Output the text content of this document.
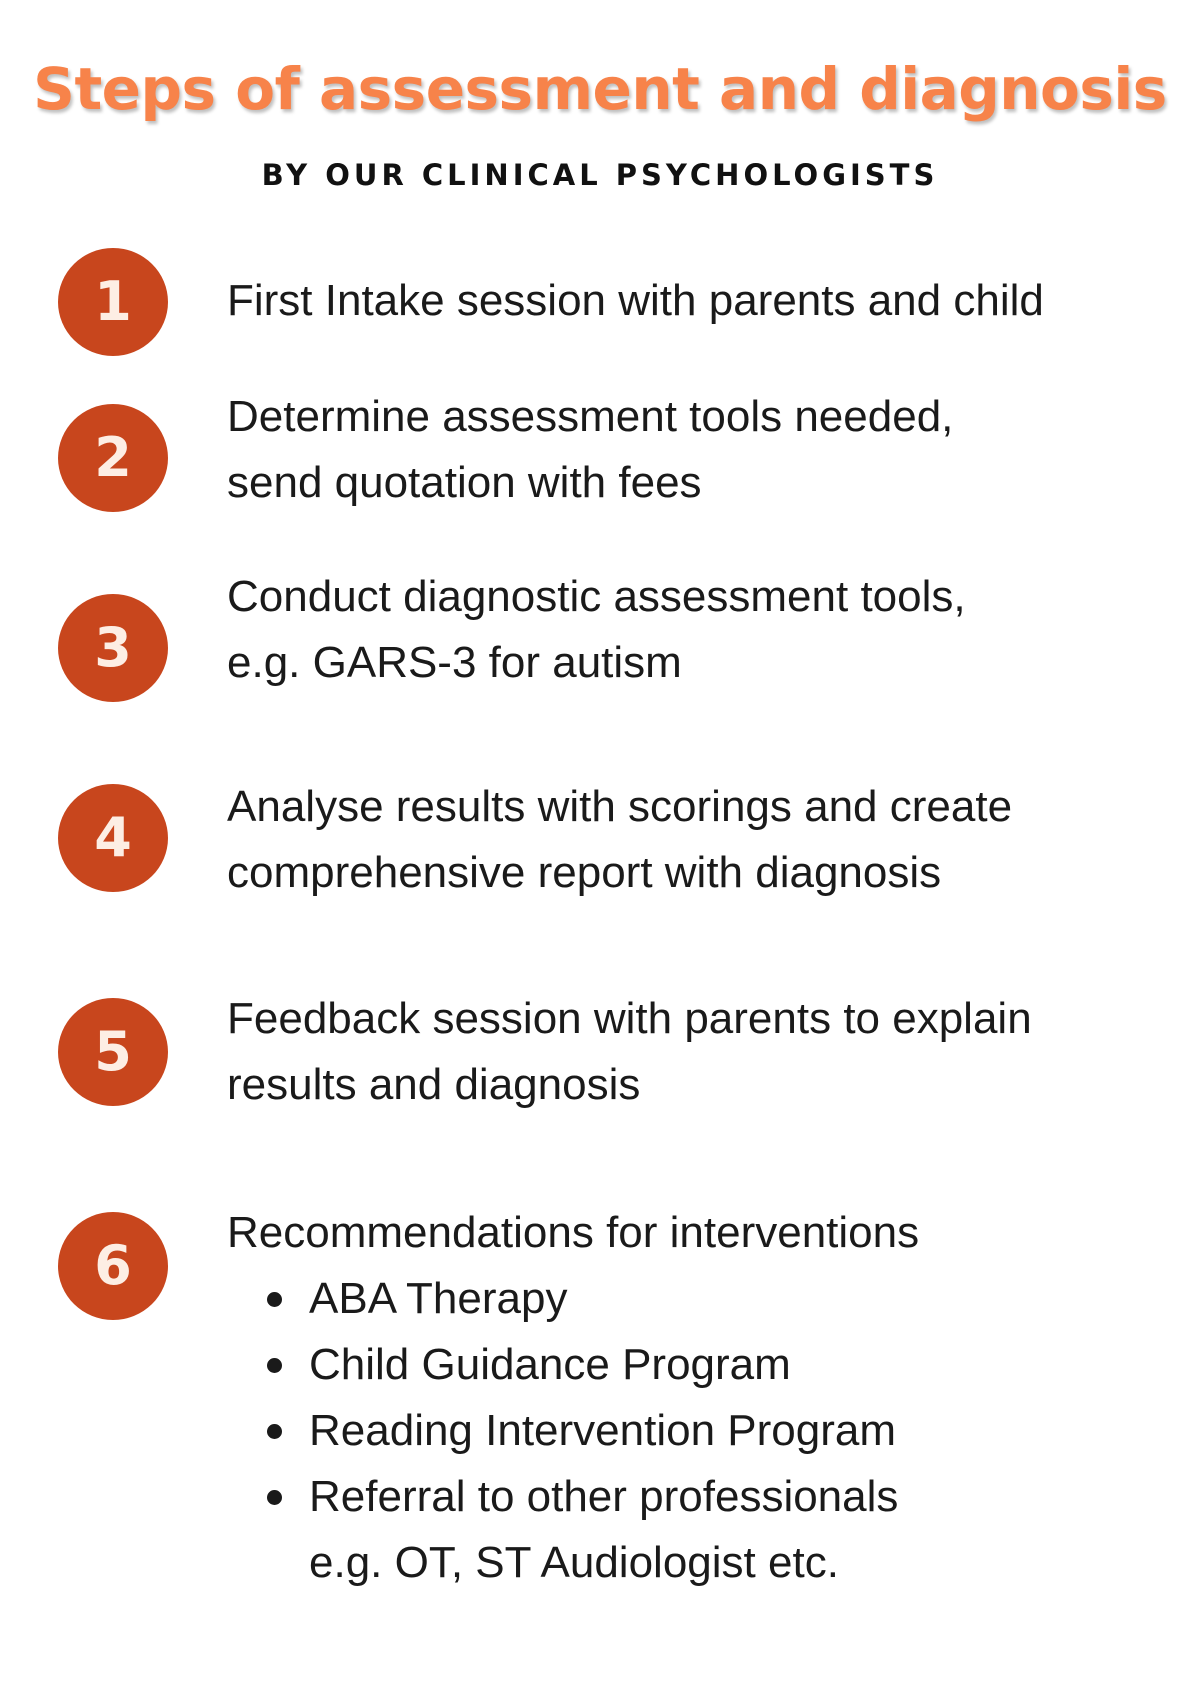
Steps of assessment and diagnosis
BY OUR CLINICAL PSYCHOLOGISTS
1	First Intake session with parents and child
2
Determine assessment tools needed,
send quotation with fees
3
Conduct diagnostic assessment tools,
e.g. GARS-3 for autism
4	Analyse results with scorings and create
comprehensive report with diagnosis
5
Feedback session with parents to explain
results and diagnosis
6
Recommendations for interventions
ABA Therapy
Child Guidance Program
Reading Intervention Program
Referral to other professionals
e.g. OT, ST Audiologist etc.
